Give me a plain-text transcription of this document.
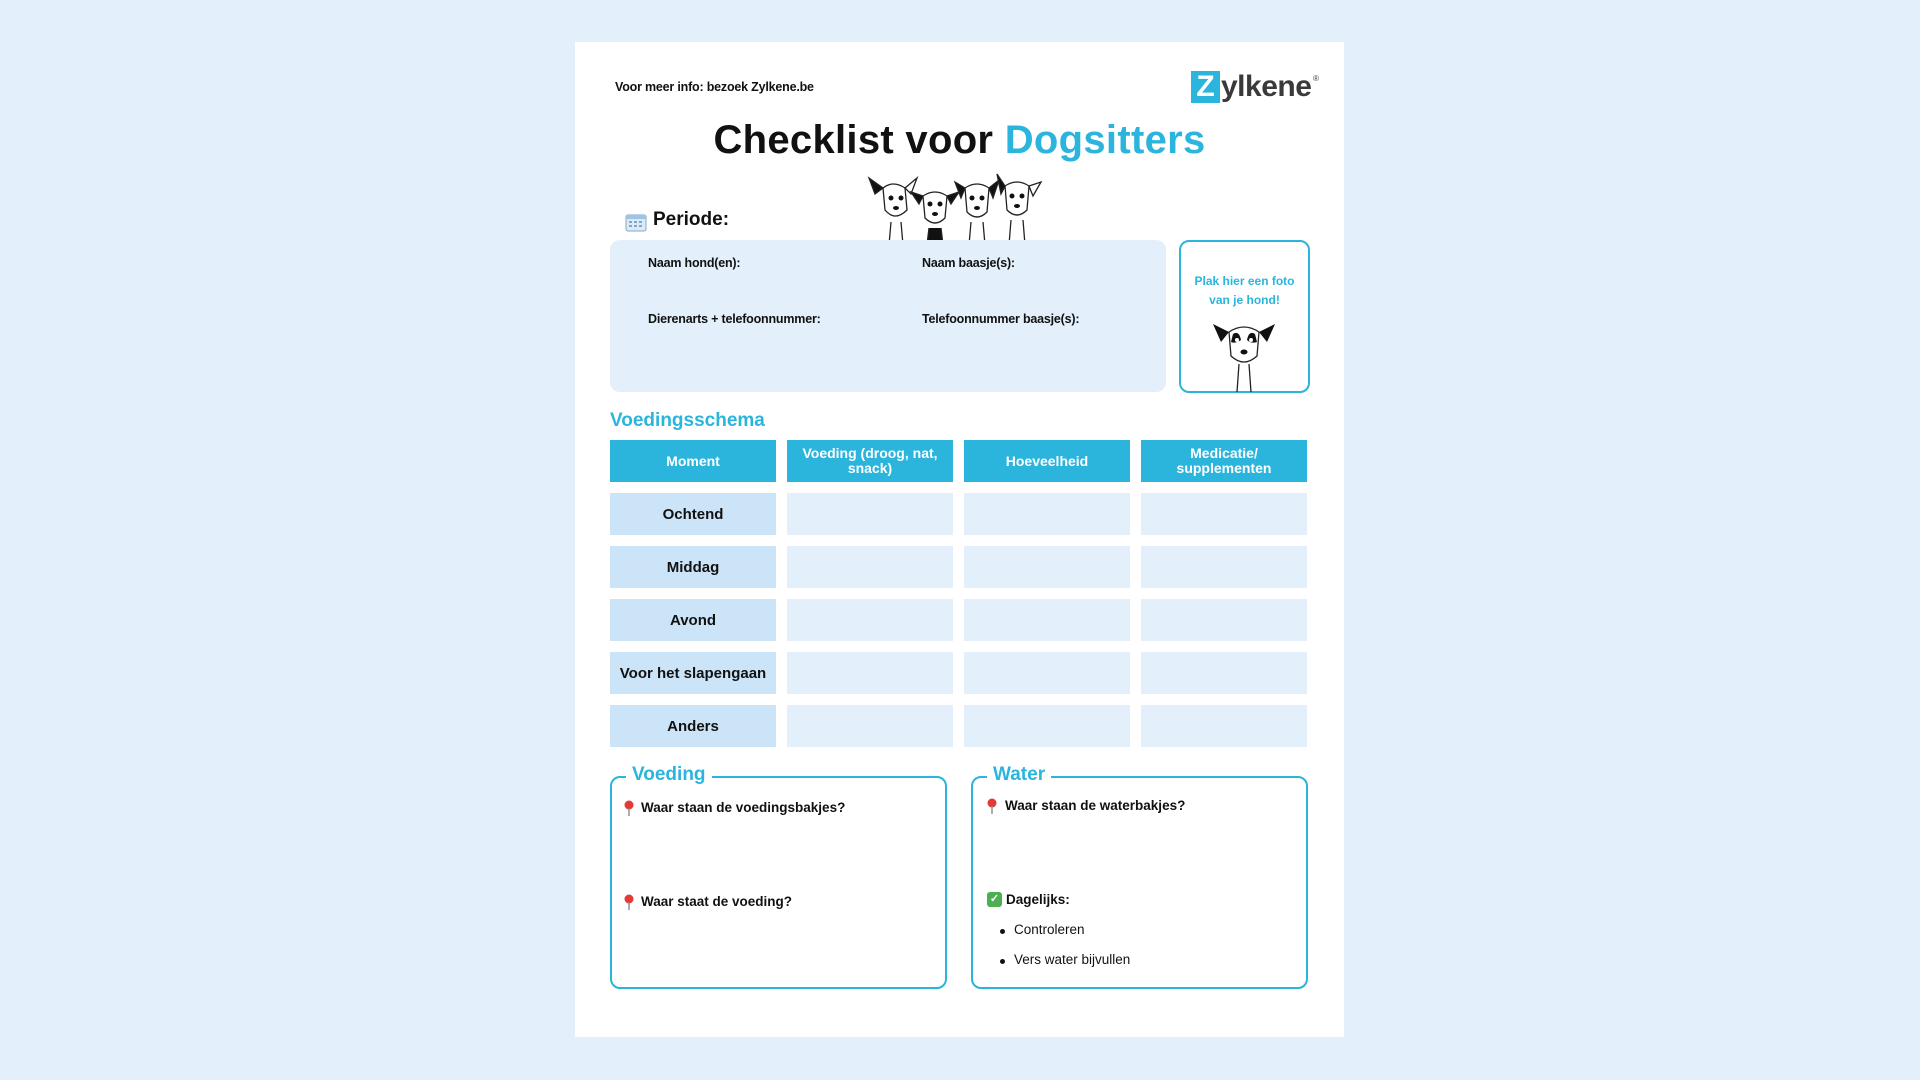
Voor meer info: bezoek Zylkene.be	Z ylkene ®
Checklist voor Dogsitters
Periode:
Naam hond(en):	Naam baasje(s):
Dierenarts + telefoonnummer:	Telefoonnummer baasje(s):
Plak hier een foto
van je hond!
Voedingsschema
Moment	Voeding (droog, nat, snack)	Hoeveelheid	Medicatie/ supplementen
Ochtend
Middag
Avond
Voor het slapengaan
Anders
Voeding
Waar staan de voedingsbakjes?
Waar staat de voeding?
Water
Waar staan de waterbakjes?
✓ Dagelijks:
Controleren
Vers water bijvullen
